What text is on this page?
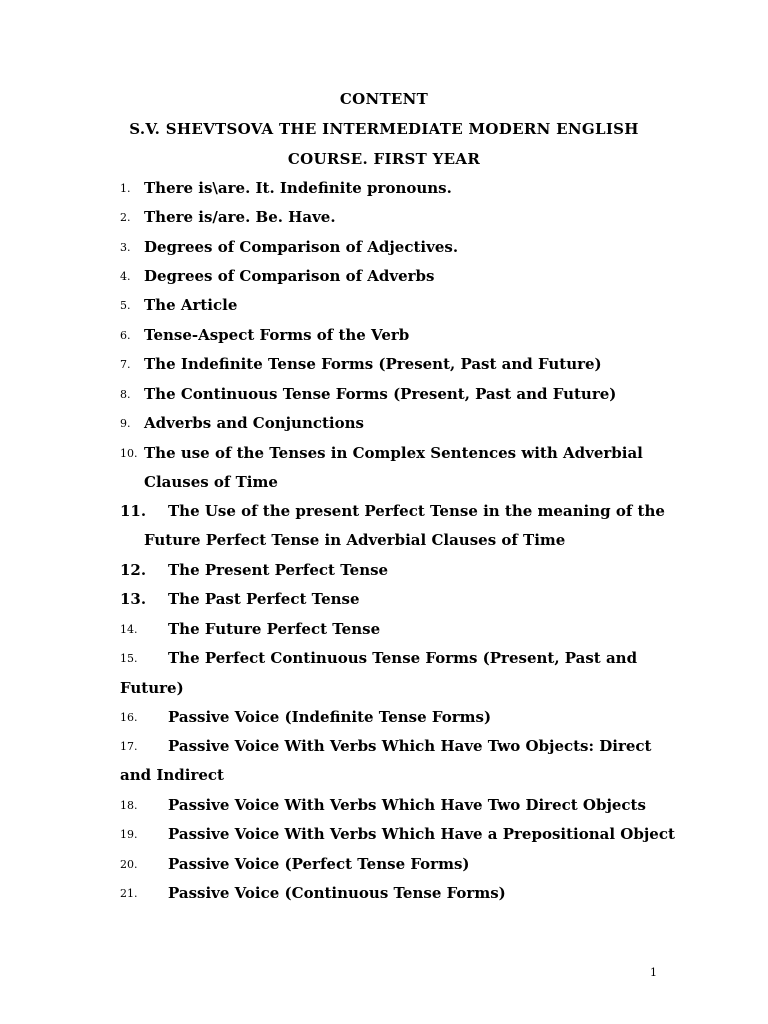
CONTENT
S.V. SHEVTSOVA THE INTERMEDIATE MODERN ENGLISH
COURSE. FIRST YEAR
1. There is\are. It. Indefinite pronouns.
2. There is/are. Be. Have.
3. Degrees of Comparison of Adjectives.
4. Degrees of Comparison of Adverbs
5. The Article
6. Tense-Aspect Forms of the Verb
7. The Indefinite Tense Forms (Present, Past and Future)
8. The Continuous Tense Forms (Present, Past and Future)
9. Adverbs and Conjunctions
10. The use of the Tenses in Complex Sentences with Adverbial
Clauses of Time
11. The Use of the present Perfect Tense in the meaning of the
Future Perfect Tense in Adverbial Clauses of Time
12. The Present Perfect Tense
13. The Past Perfect Tense
14. The Future Perfect Tense
15. The Perfect Continuous Tense Forms (Present, Past and
Future)
16. Passive Voice (Indefinite Tense Forms)
17. Passive Voice With Verbs Which Have Two Objects: Direct
and Indirect
18. Passive Voice With Verbs Which Have Two Direct Objects
19. Passive Voice With Verbs Which Have a Prepositional Object
20. Passive Voice (Perfect Tense Forms)
21. Passive Voice (Continuous Tense Forms)
1
